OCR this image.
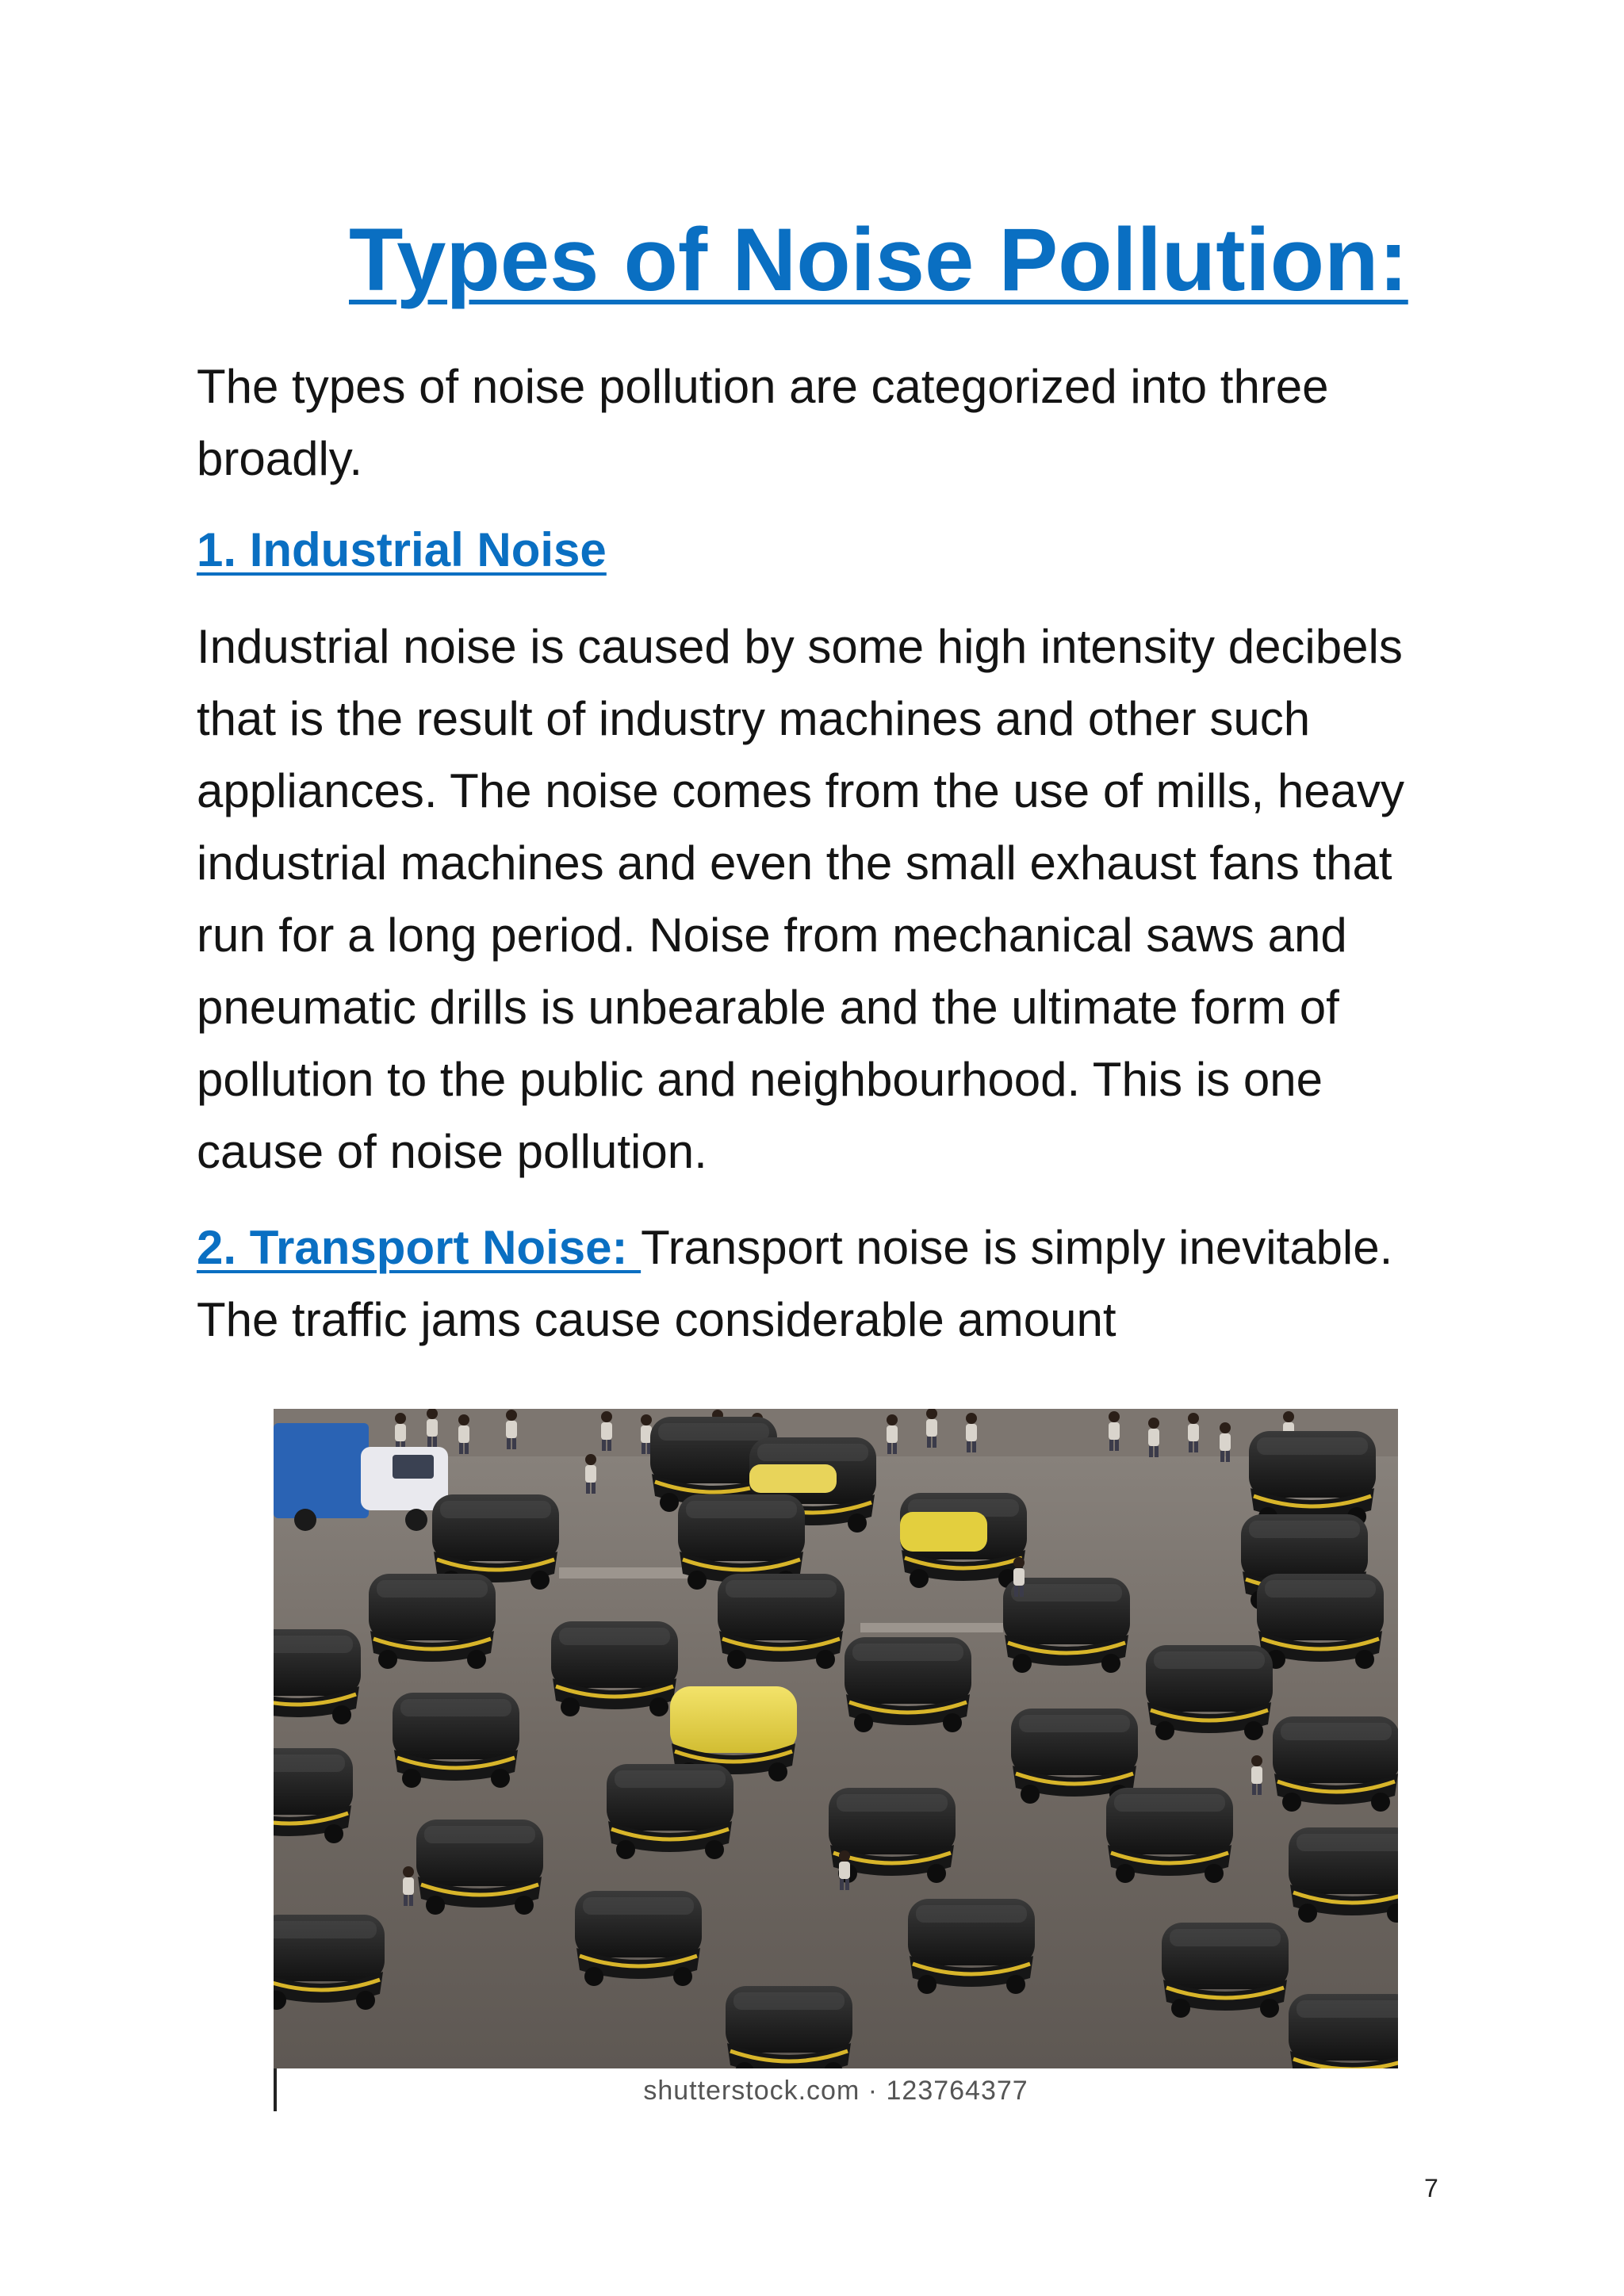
Types of Noise Pollution:

The types of noise pollution are categorized into three broadly.

1. Industrial Noise

Industrial noise is caused by some high intensity decibels that is the result of industry machines and other such appliances. The noise comes from the use of mills, heavy industrial machines and even the small exhaust fans that run for a long period. Noise from mechanical saws and pneumatic drills is unbearable and the ultimate form of pollution to the public and neighbourhood. This is one cause of noise pollution.

2. Transport Noise: Transport noise is simply inevitable. The traffic jams cause considerable amount

shutterstock.com · 123764377
7
